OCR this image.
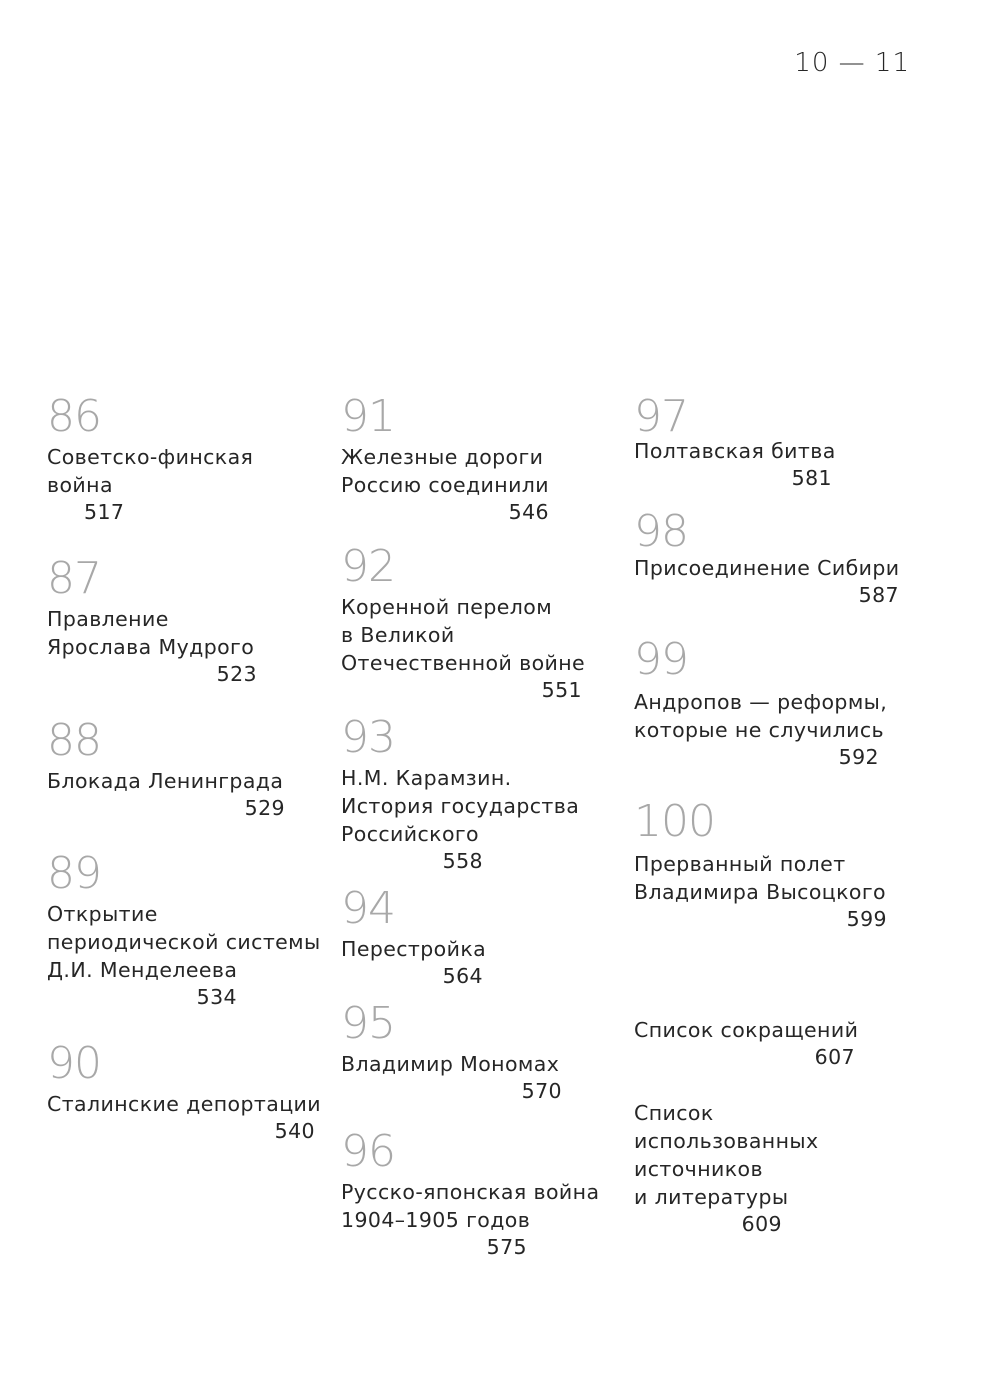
10 — 11
86
Советско-финская
война
517
87
Правление
Ярослава Мудрого
523
88
Блокада Ленинграда
529
89
Открытие
периодической системы
Д.И. Менделеева
534
90
Сталинские депортации
540
91
Железные дороги
Россию соединили
546
92
Коренной перелом
в Великой
Отечественной войне
551
93
Н.М. Карамзин.
История государства
Российского
558
94
Перестройка
564
95
Владимир Мономах
570
96
Русско-японская война
1904–1905 годов
575
97
Полтавская битва
581
98
Присоединение Сибири
587
99
Андропов — реформы,
которые не случились
592
100
Прерванный полет
Владимира Высоцкого
599
Список сокращений
607
Список
использованных
источников
и литературы
609
